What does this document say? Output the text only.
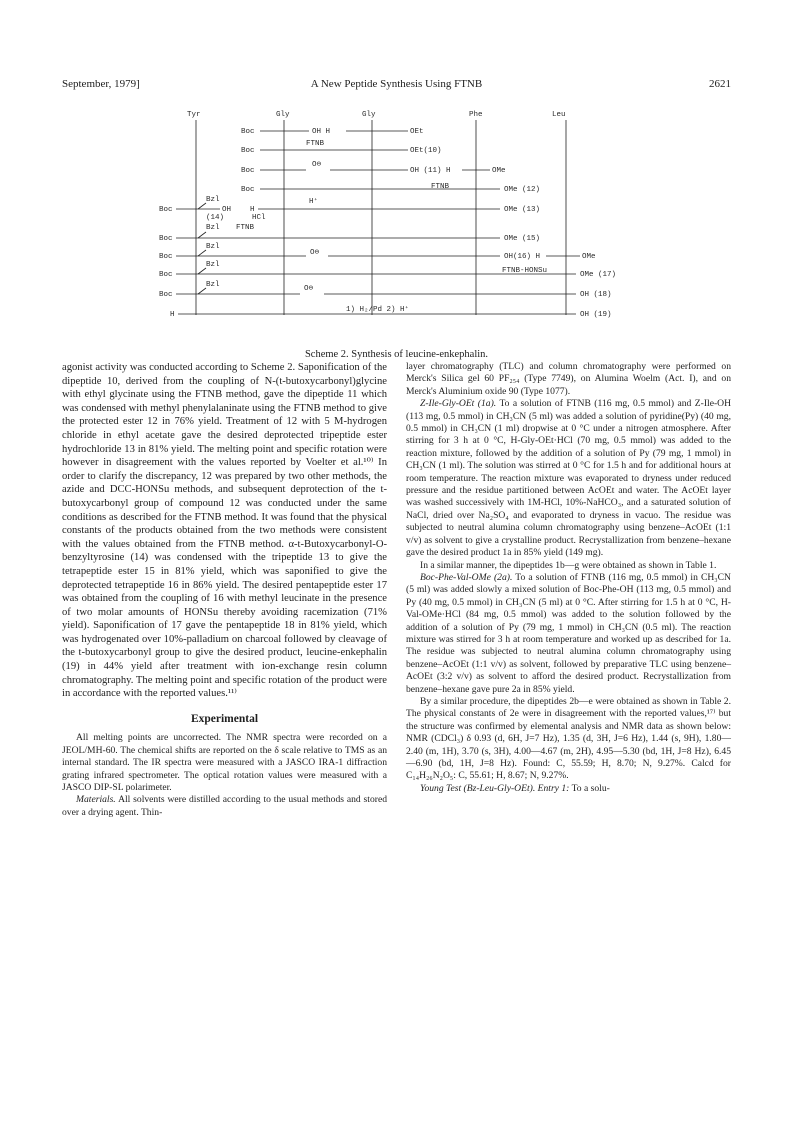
September, 1979]	A New Peptide Synthesis Using FTNB	2621
Tyr	Gly	Gly	Phe	Leu
Boc	OH H	OEt
FTNB
Boc	OEt(10)
Boc
O⊖
OH (11) H	OMe
FTNB
Boc	OMe (12)
Bzl
Boc	OH	H
H⁺
OMe (13)
(14)	HCl
Bzl FTNB
Boc	OMe (15)
Bzl
Boc	O⊖	OH(16) H	OMe
Bzl
Boc	FTNB-HONSu	OMe (17)
Bzl
Boc
O⊖
OH (18)
H
1) H₂/Pd 2) H⁺
OH (19)
Scheme 2. Synthesis of leucine-enkephalin.

agonist activity was conducted according to Scheme 2. Saponification of the dipeptide 10, derived from the coupling of N-(t-butoxycarbonyl)glycine with ethyl glycinate using the FTNB method, gave the dipeptide 11 which was condensed with methyl phenylalaninate using the FTNB method to give the protected ester 12 in 76% yield. Treatment of 12 with 5 M-hydrogen chloride in ethyl acetate gave the desired deprotected tripeptide ester hydrochloride 13 in 81% yield. The melting point and specific rotation were however in disagreement with the values reported by Voelter et al.¹⁰⁾ In order to clarify the discrepancy, 12 was prepared by two other methods, the azide and DCC-HONSu methods, and subsequent deprotection of the t-butoxycarbonyl group of compound 12 was conducted under the same conditions as described for the FTNB method. It was found that the physical constants of the products obtained from the two methods were consistent with the values obtained from the FTNB method. α-t-Butoxycarbonyl-O-benzyltyrosine (14) was condensed with the tripeptide 13 to give the tetrapeptide ester 15 in 81% yield, which was saponified to give the deprotected tetrapeptide 16 in 86% yield. The desired pentapeptide ester 17 was obtained from the coupling of 16 with methyl leucinate in the presence of two molar amounts of HONSu thereby avoiding racemization (71% yield). Saponification of 17 gave the pentapeptide 18 in 81% yield, which was hydrogenated over 10%-palladium on charcoal followed by cleavage of the t-butoxycarbonyl group to give the desired product, leucine-enkephalin (19) in 44% yield after treatment with ion-exchange resin column chromatography. The melting point and specific rotation of the product were in accordance with the reported values.¹¹⁾

Experimental

All melting points are uncorrected. The NMR spectra were recorded on a JEOL/MH-60. The chemical shifts are reported on the δ scale relative to TMS as an internal standard. The IR spectra were measured with a JASCO IRA-1 diffraction grating infrared spectrometer. The optical rotation values were measured with a JASCO DIP-SL polarimeter.

Materials. All solvents were distilled according to the usual methods and stored over a drying agent. Thin-

layer chromatography (TLC) and column chromatography were performed on Merck's Silica gel 60 PF₂₅₄ (Type 7749), on Alumina Woelm (Act. I), and on Merck's Aluminium oxide 90 (Type 1077).

Z-Ile-Gly-OEt (1a). To a solution of FTNB (116 mg, 0.5 mmol) and Z-Ile-OH (113 mg, 0.5 mmol) in CH₃CN (5 ml) was added a solution of pyridine(Py) (40 mg, 0.5 mmol) in CH₃CN (1 ml) dropwise at 0 °C under a nitrogen atmosphere. After stirring for 3 h at 0 °C, H-Gly-OEt·HCl (70 mg, 0.5 mmol) was added to the reaction mixture, followed by the addition of a solution of Py (79 mg, 1 mmol) in CH₃CN (1 ml). The solution was stirred at 0 °C for 1.5 h and for additional hours at room temperature. The reaction mixture was evaporated to dryness under reduced pressure and the residue partitioned between AcOEt and water. The AcOEt layer was washed successively with 1M-HCl, 10%-NaHCO₃, and a saturated solution of NaCl, dried over Na₂SO₄ and evaporated to dryness in vacuo. The residue was subjected to neutral alumina column chromatography using benzene–AcOEt (1:1 v/v) as solvent to give a crystalline product. Recrystallization from benzene–hexane gave the desired product 1a in 85% yield (149 mg).

In a similar manner, the dipeptides 1b—g were obtained as shown in Table 1.

Boc-Phe-Val-OMe (2a). To a solution of FTNB (116 mg, 0.5 mmol) in CH₃CN (5 ml) was added slowly a mixed solution of Boc-Phe-OH (113 mg, 0.5 mmol) and Py (40 mg, 0.5 mmol) in CH₃CN (5 ml) at 0 °C. After stirring for 1.5 h at 0 °C, H-Val-OMe·HCl (84 mg, 0.5 mmol) was added to the solution followed by the addition of a solution of Py (79 mg, 1 mmol) in CH₃CN (0.5 ml). The reaction mixture was stirred for 3 h at room temperature and worked up as described for 1a. The residue was subjected to neutral alumina column chromatography using benzene–AcOEt (1:1 v/v) as solvent, followed by preparative TLC using benzene–AcOEt (3:2 v/v) as solvent to afford the desired product. Recrystallization from benzene–hexane gave pure 2a in 85% yield.

By a similar procedure, the dipeptides 2b—e were obtained as shown in Table 2. The physical constants of 2e were in disagreement with the reported values,¹⁷⁾ but the structure was confirmed by elemental analysis and NMR data as shown below: NMR (CDCl₃) δ 0.93 (d, 6H, J=7 Hz), 1.35 (d, 3H, J=6 Hz), 1.44 (s, 9H), 1.80—2.40 (m, 1H), 3.70 (s, 3H), 4.00—4.67 (m, 2H), 4.95—5.30 (bd, 1H, J=8 Hz), 6.45—6.90 (bd, 1H, J=8 Hz). Found: C, 55.59; H, 8.70; N, 9.27%. Calcd for C₁₄H₂₆N₂O₅: C, 55.61; H, 8.67; N, 9.27%.

Young Test (Bz-Leu-Gly-OEt). Entry 1: To a solu-
